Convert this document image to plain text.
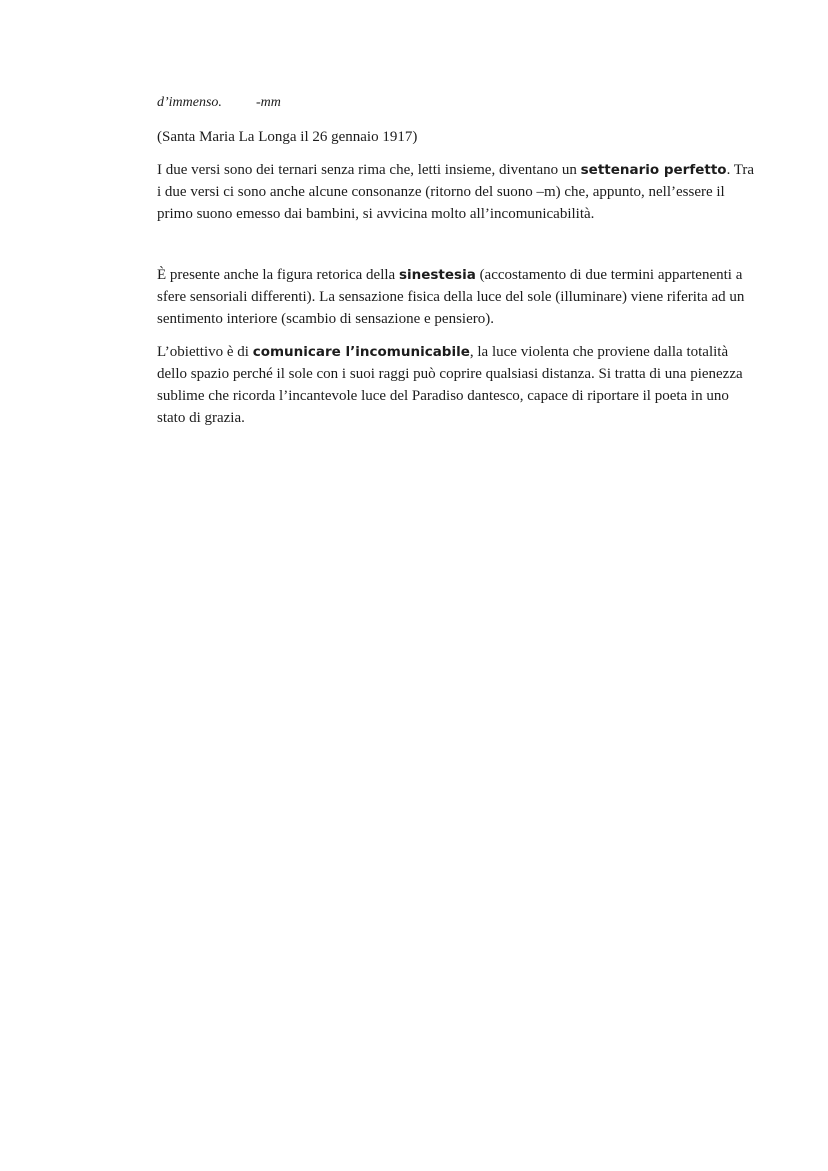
d’immenso. -mm

(Santa Maria La Longa il 26 gennaio 1917)

I due versi sono dei ternari senza rima che, letti insieme, diventano un settenario perfetto. Tra i due versi ci sono anche alcune consonanze (ritorno del suono –m) che, appunto, nell’essere il primo suono emesso dai bambini, si avvicina molto all’incomunicabilità.

È presente anche la figura retorica della sinestesia (accostamento di due termini appartenenti a sfere sensoriali differenti). La sensazione fisica della luce del sole (illuminare) viene riferita ad un sentimento interiore (scambio di sensazione e pensiero).

L’obiettivo è di comunicare l’incomunicabile, la luce violenta che proviene dalla totalità dello spazio perché il sole con i suoi raggi può coprire qualsiasi distanza. Si tratta di una pienezza sublime che ricorda l’incantevole luce del Paradiso dantesco, capace di riportare il poeta in uno stato di grazia.
